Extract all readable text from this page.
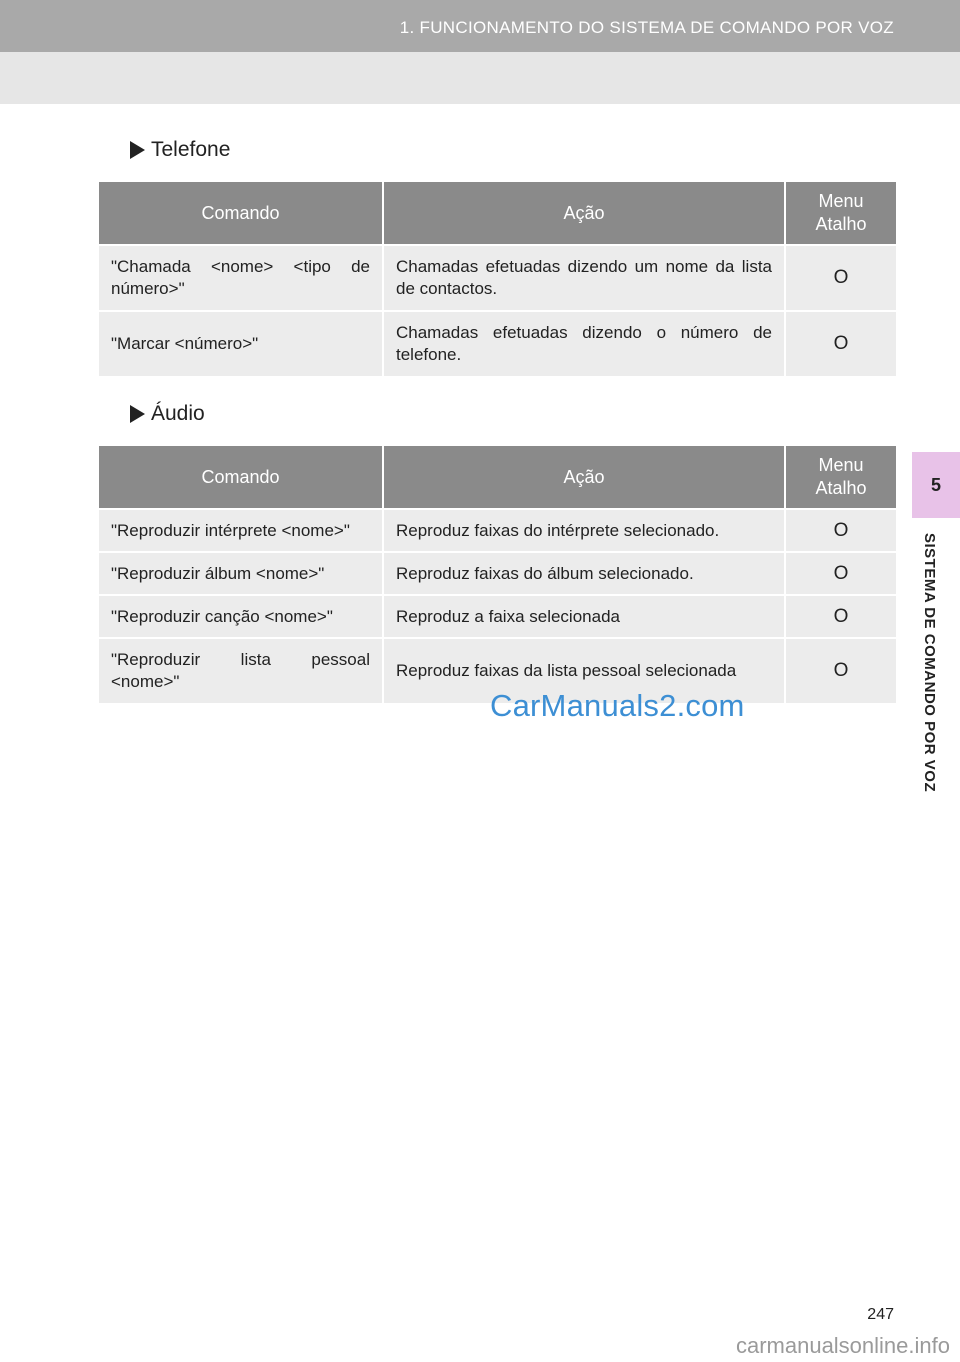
1. FUNCIONAMENTO DO SISTEMA DE COMANDO POR VOZ
5
SISTEMA DE COMANDO POR VOZ
Telefone
Comando	Ação	Menu
Atalho
"Chamada <nome> <tipo de número>"	Chamadas efetuadas dizendo um nome da lista de contactos.	O
"Marcar <número>"	Chamadas efetuadas dizendo o número de telefone.	O
Áudio
Comando	Ação	Menu
Atalho
"Reproduzir intérprete <nome>"	Reproduz faixas do intérprete selecionado.	O
"Reproduzir álbum <nome>"	Reproduz faixas do álbum selecionado.	O
"Reproduzir canção <nome>"	Reproduz a faixa selecionada	O
"Reproduzir lista pessoal <nome>"	Reproduz faixas da lista pessoal selecionada	O
CarManuals2.com
247
carmanualsonline.info
